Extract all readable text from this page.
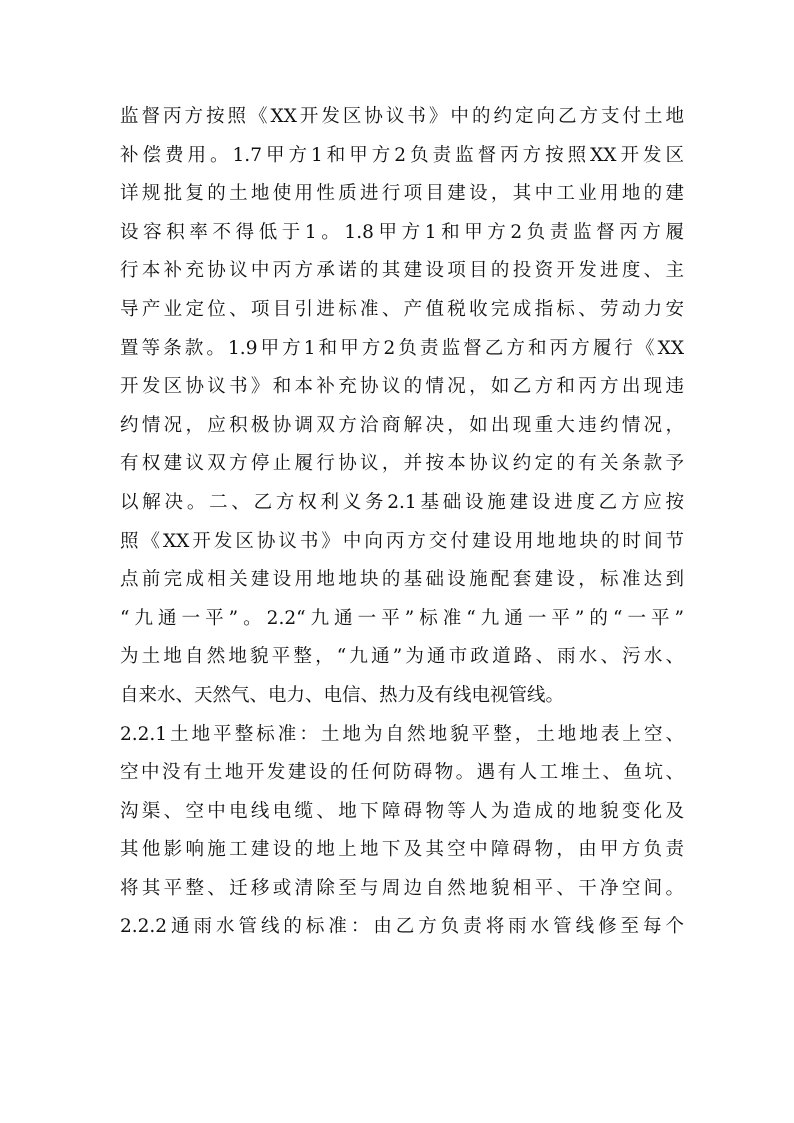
监督丙方按照《XX开发区协议书》中的约定向乙方支付土地
补偿费用。1.7甲方1和甲方2负责监督丙方按照XX开发区
详规批复的土地使用性质进行项目建设，其中工业用地的建
设容积率不得低于1。1.8甲方1和甲方2负责监督丙方履
行本补充协议中丙方承诺的其建设项目的投资开发进度、主
导产业定位、项目引进标准、产值税收完成指标、劳动力安
置等条款。1.9甲方1和甲方2负责监督乙方和丙方履行《XX
开发区协议书》和本补充协议的情况，如乙方和丙方出现违
约情况，应积极协调双方洽商解决，如出现重大违约情况，
有权建议双方停止履行协议，并按本协议约定的有关条款予
以解决。二、乙方权利义务2.1基础设施建设进度乙方应按
照《XX开发区协议书》中向丙方交付建设用地地块的时间节
点前完成相关建设用地地块的基础设施配套建设，标准达到
“九通一平”。2.2“九通一平”标准“九通一平”的“一平”
为土地自然地貌平整，“九通”为通市政道路、雨水、污水、
自来水、天然气、电力、电信、热力及有线电视管线。
2.2.1土地平整标准：土地为自然地貌平整，土地地表上空、
空中没有土地开发建设的任何防碍物。遇有人工堆土、鱼坑、
沟渠、空中电线电缆、地下障碍物等人为造成的地貌变化及
其他影响施工建设的地上地下及其空中障碍物，由甲方负责
将其平整、迁移或清除至与周边自然地貌相平、干净空间。
2.2.2通雨水管线的标准：由乙方负责将雨水管线修至每个
